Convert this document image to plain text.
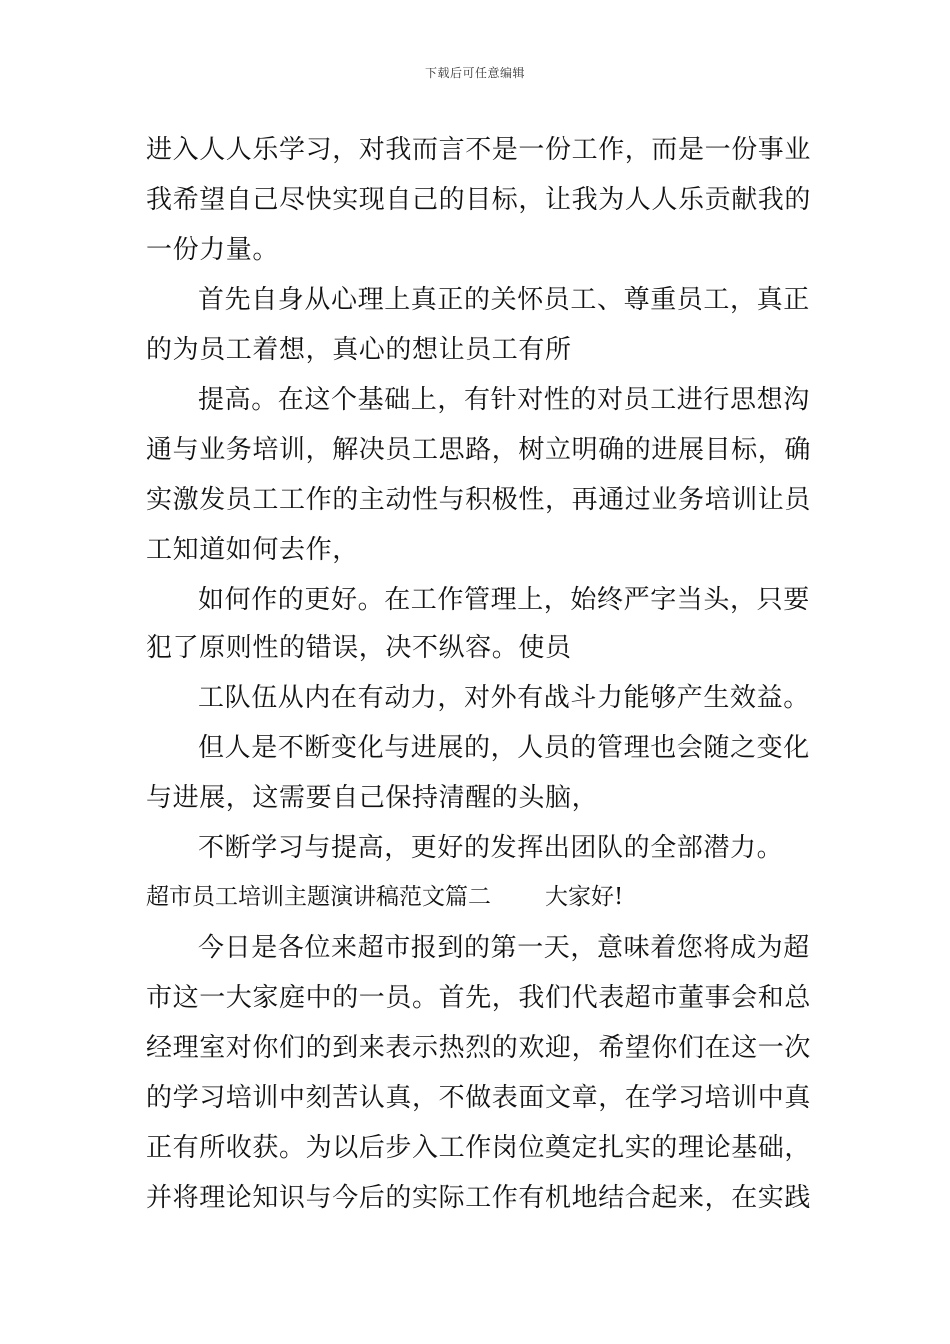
下载后可任意编辑
进入人人乐学习，对我而言不是一份工作，而是一份事业
我希望自己尽快实现自己的目标，让我为人人乐贡献我的
一份力量。
首先自身从心理上真正的关怀员工、尊重员工，真正
的为员工着想，真心的想让员工有所
提高。在这个基础上，有针对性的对员工进行思想沟
通与业务培训，解决员工思路，树立明确的进展目标，确
实激发员工工作的主动性与积极性，再通过业务培训让员
工知道如何去作，
如何作的更好。在工作管理上，始终严字当头，只要
犯了原则性的错误，决不纵容。使员
工队伍从内在有动力，对外有战斗力能够产生效益。
但人是不断变化与进展的，人员的管理也会随之变化
与进展，这需要自己保持清醒的头脑，
不断学习与提高，更好的发挥出团队的全部潜力。
超市员工培训主题演讲稿范文篇二 大家好!
今日是各位来超市报到的第一天，意味着您将成为超
市这一大家庭中的一员。首先，我们代表超市董事会和总
经理室对你们的到来表示热烈的欢迎，希望你们在这一次
的学习培训中刻苦认真，不做表面文章，在学习培训中真
正有所收获。为以后步入工作岗位奠定扎实的理论基础，
并将理论知识与今后的实际工作有机地结合起来，在实践
